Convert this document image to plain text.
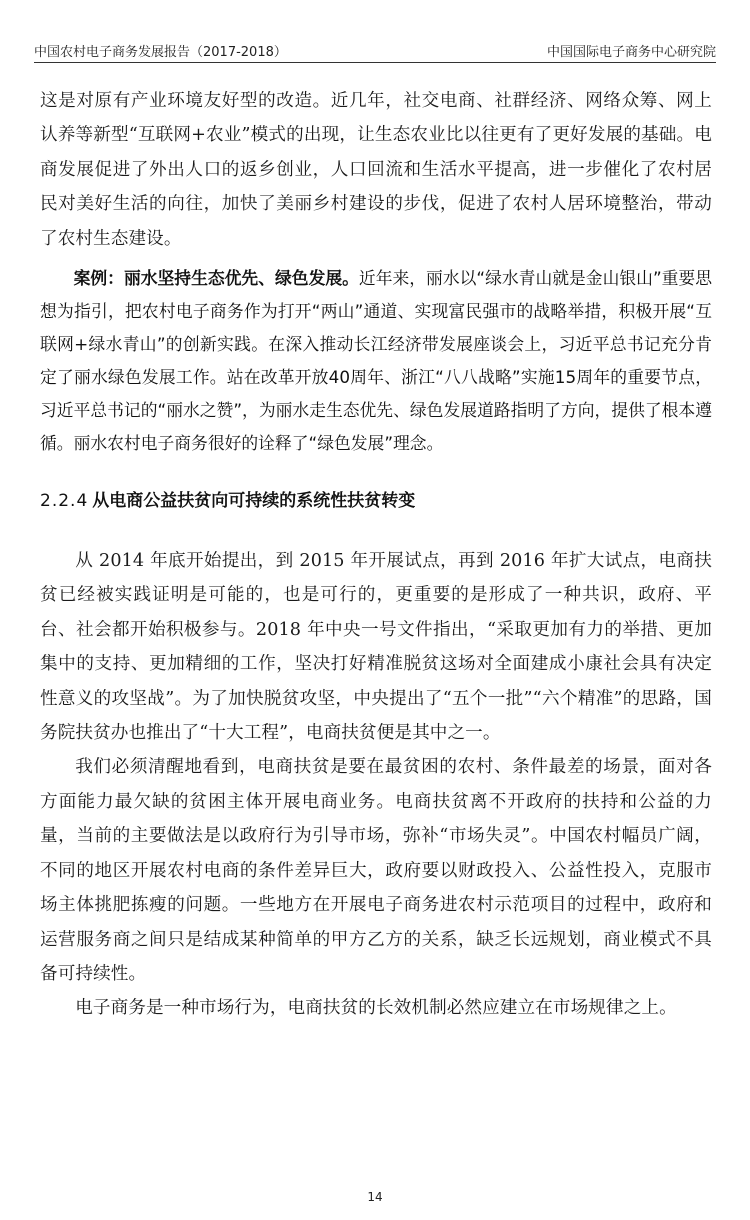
中国农村电子商务发展报告（2017-2018）	中国国际电子商务中心研究院

这是对原有产业环境友好型的改造。近几年，社交电商、社群经济、网络众筹、网上认养等新型“互联网+农业”模式的出现，让生态农业比以往更有了更好发展的基础。电商发展促进了外出人口的返乡创业，人口回流和生活水平提高，进一步催化了农村居民对美好生活的向往，加快了美丽乡村建设的步伐，促进了农村人居环境整治，带动了农村生态建设。

案例：丽水坚持生态优先、绿色发展。近年来，丽水以“绿水青山就是金山银山”重要思想为指引，把农村电子商务作为打开“两山”通道、实现富民强市的战略举措，积极开展“互联网+绿水青山”的创新实践。在深入推动长江经济带发展座谈会上，习近平总书记充分肯定了丽水绿色发展工作。站在改革开放40周年、浙江“八八战略”实施15周年的重要节点，习近平总书记的“丽水之赞”，为丽水走生态优先、绿色发展道路指明了方向，提供了根本遵循。丽水农村电子商务很好的诠释了“绿色发展”理念。

2.2.4 从电商公益扶贫向可持续的系统性扶贫转变

从 2014 年底开始提出，到 2015 年开展试点，再到 2016 年扩大试点，电商扶贫已经被实践证明是可能的，也是可行的，更重要的是形成了一种共识，政府、平台、社会都开始积极参与。2018 年中央一号文件指出，“采取更加有力的举措、更加集中的支持、更加精细的工作，坚决打好精准脱贫这场对全面建成小康社会具有决定性意义的攻坚战”。为了加快脱贫攻坚，中央提出了“五个一批”“六个精准”的思路，国务院扶贫办也推出了“十大工程”，电商扶贫便是其中之一。

我们必须清醒地看到，电商扶贫是要在最贫困的农村、条件最差的场景，面对各方面能力最欠缺的贫困主体开展电商业务。电商扶贫离不开政府的扶持和公益的力量，当前的主要做法是以政府行为引导市场，弥补“市场失灵”。中国农村幅员广阔，不同的地区开展农村电商的条件差异巨大，政府要以财政投入、公益性投入，克服市场主体挑肥拣瘦的问题。一些地方在开展电子商务进农村示范项目的过程中，政府和运营服务商之间只是结成某种简单的甲方乙方的关系，缺乏长远规划，商业模式不具备可持续性。

电子商务是一种市场行为，电商扶贫的长效机制必然应建立在市场规律之上。

14
